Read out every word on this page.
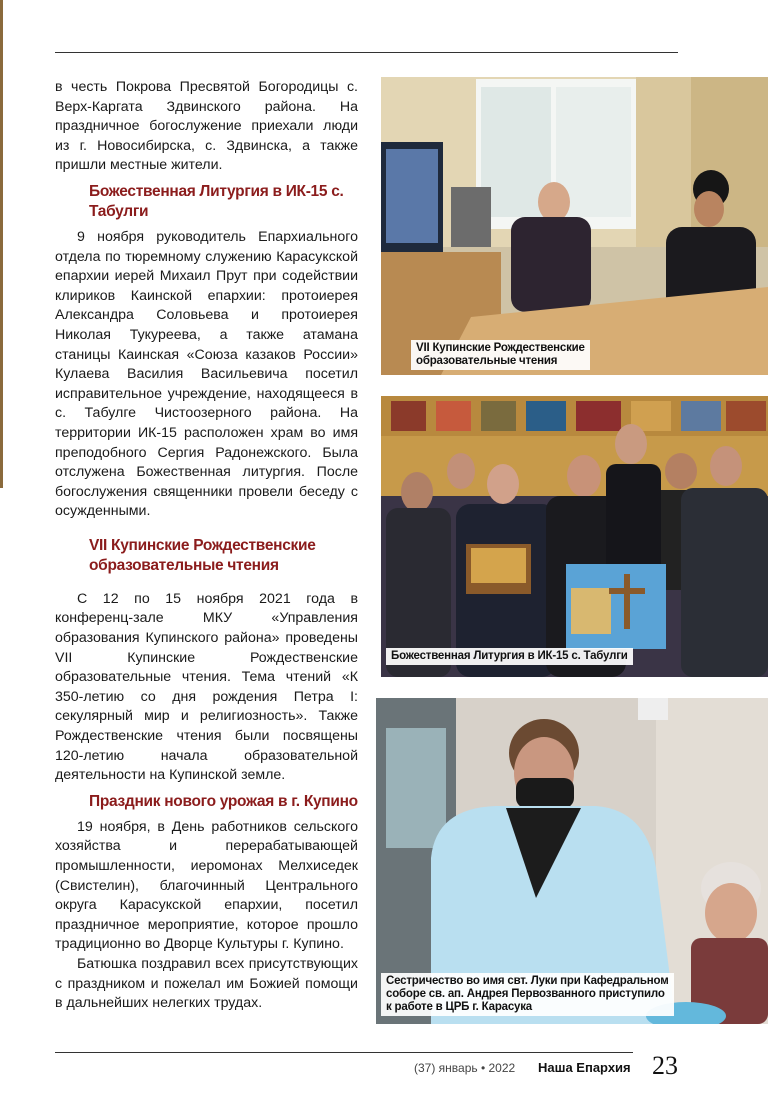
в честь Покрова Пресвятой Богородицы с. Верх-Каргата Здвинского района. На праздничное богослужение приехали люди из г. Новосибирска, с. Здвинска, а также пришли местные жители.

Божественная Литургия в ИК-15 с. Табулги

9 ноября руководитель Епархиального отдела по тюремному служению Карасукской епархии иерей Михаил Прут при содействии клириков Каинской епархии: протоиерея Александра Соловьева и протоиерея Николая Тукуреева, а также атамана станицы Каинская «Союза казаков России» Кулаева Василия Васильевича посетил исправительное учреждение, находящееся в с. Табулге Чистоозерного района. На территории ИК-15 расположен храм во имя преподобного Сергия Радонежского. Была отслужена Божественная литургия. После богослужения священники провели беседу с осужденными.

VII Купинские Рождественские
образовательные чтения

С 12 по 15 ноября 2021 года в конференц-зале МКУ «Управления образования Купинского района» проведены VII Купинские Рождественские образовательные чтения. Тема чтений «К 350-летию со дня рождения Петра I: секулярный мир и религиозность». Также Рождественские чтения были посвящены 120-летию начала образовательной деятельности на Купинской земле.

Праздник нового урожая в г. Купино

19 ноября, в День работников сельского хозяйства и перерабатывающей промышленности, иеромонах Мелхиседек (Свистелин), благочинный Центрального округа Карасукской епархии, посетил праздничное мероприятие, которое прошло традиционно во Дворце Культуры г. Купино.

Батюшка поздравил всех присутствующих с праздником и пожелал им Божией помощи в дальнейших нелегких трудах.

VII Купинские Рождественские
образовательные чтения
Божественная Литургия в ИК-15 с. Табулги
Сестричество во имя свт. Луки при Кафедральном
соборе св. ап. Андрея Первозванного приступило
к работе в ЦРБ г. Карасука
(37) январь • 2022 Наша Епархия 23
